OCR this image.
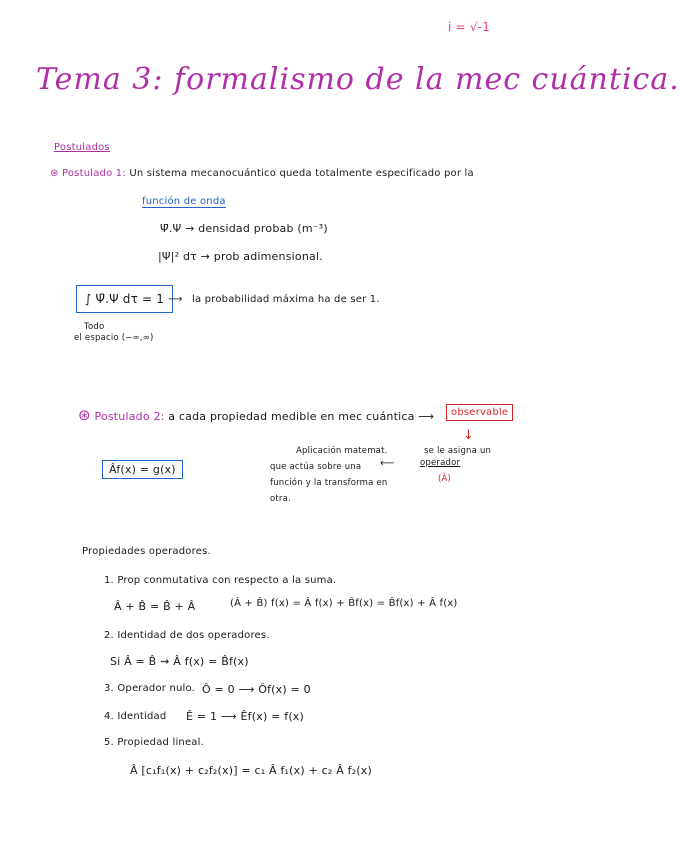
i = √-1
Tema 3: formalismo de la mec cuántica.
Postulados
⊛ Postulado 1: Un sistema mecanocuántico queda totalmente especificado por la
función de onda
Ψ̄.Ψ → densidad probab (m⁻³)
|Ψ|² dτ → prob adimensional.
∫ Ψ̄.Ψ dτ = 1 ⟶ la probabilidad máxima ha de ser 1.
Todo
el espacio (−∞,∞)
⊛ Postulado 2: a cada propiedad medible en mec cuántica ⟶	observable
↓
Âf(x) = g(x)
Aplicación matemat.
que actúa sobre una
función y la transforma en
otra.
⟵
se le asigna un
operador
(Â)
Propiedades operadores.
1. Prop conmutativa con respecto a la suma.
Â + B̂ = B̂ + Â	(Â + B̂) f(x) = Â f(x) + B̂f(x) = B̂f(x) + Â f(x)
2. Identidad de dos operadores.
Si Â = B̂ ⇝ Â f(x) = B̂f(x)
3. Operador nulo. Ô = 0 ⟶ Ôf(x) = 0
4. Identidad Ê = 1 ⟶ Êf(x) = f(x)
5. Propiedad lineal.
Â [c₁f₁(x) + c₂f₂(x)] = c₁ Â f₁(x) + c₂ Â f₂(x)
